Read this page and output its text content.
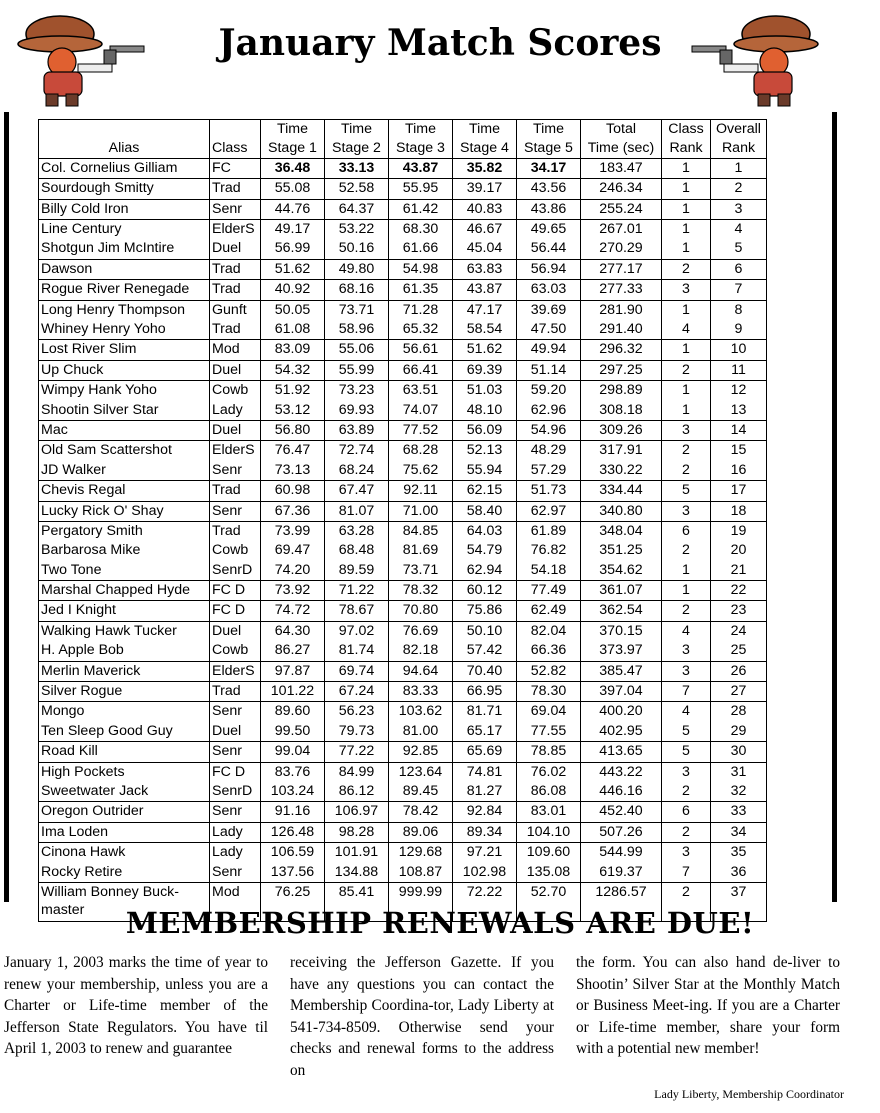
January Match Scores
		Time	Time	Time	Time	Time	Total	Class	Overall
Alias	Class	Stage 1	Stage 2	Stage 3	Stage 4	Stage 5	Time (sec)	Rank	Rank
Col. Cornelius Gilliam	FC	36.48	33.13	43.87	35.82	34.17	183.47	1	1
Sourdough Smitty	Trad	55.08	52.58	55.95	39.17	43.56	246.34	1	2
Billy Cold Iron	Senr	44.76	64.37	61.42	40.83	43.86	255.24	1	3
Line Century	ElderS	49.17	53.22	68.30	46.67	49.65	267.01	1	4
Shotgun Jim McIntire	Duel	56.99	50.16	61.66	45.04	56.44	270.29	1	5
Dawson	Trad	51.62	49.80	54.98	63.83	56.94	277.17	2	6
Rogue River Renegade	Trad	40.92	68.16	61.35	43.87	63.03	277.33	3	7
Long Henry Thompson	Gunft	50.05	73.71	71.28	47.17	39.69	281.90	1	8
Whiney Henry Yoho	Trad	61.08	58.96	65.32	58.54	47.50	291.40	4	9
Lost River Slim	Mod	83.09	55.06	56.61	51.62	49.94	296.32	1	10
Up Chuck	Duel	54.32	55.99	66.41	69.39	51.14	297.25	2	11
Wimpy Hank Yoho	Cowb	51.92	73.23	63.51	51.03	59.20	298.89	1	12
Shootin Silver Star	Lady	53.12	69.93	74.07	48.10	62.96	308.18	1	13
Mac	Duel	56.80	63.89	77.52	56.09	54.96	309.26	3	14
Old Sam Scattershot	ElderS	76.47	72.74	68.28	52.13	48.29	317.91	2	15
JD Walker	Senr	73.13	68.24	75.62	55.94	57.29	330.22	2	16
Chevis Regal	Trad	60.98	67.47	92.11	62.15	51.73	334.44	5	17
Lucky Rick O' Shay	Senr	67.36	81.07	71.00	58.40	62.97	340.80	3	18
Pergatory Smith	Trad	73.99	63.28	84.85	64.03	61.89	348.04	6	19
Barbarosa Mike	Cowb	69.47	68.48	81.69	54.79	76.82	351.25	2	20
Two Tone	SenrD	74.20	89.59	73.71	62.94	54.18	354.62	1	21
Marshal Chapped Hyde	FC D	73.92	71.22	78.32	60.12	77.49	361.07	1	22
Jed I Knight	FC D	74.72	78.67	70.80	75.86	62.49	362.54	2	23
Walking Hawk Tucker	Duel	64.30	97.02	76.69	50.10	82.04	370.15	4	24
H. Apple Bob	Cowb	86.27	81.74	82.18	57.42	66.36	373.97	3	25
Merlin Maverick	ElderS	97.87	69.74	94.64	70.40	52.82	385.47	3	26
Silver Rogue	Trad	101.22	67.24	83.33	66.95	78.30	397.04	7	27
Mongo	Senr	89.60	56.23	103.62	81.71	69.04	400.20	4	28
Ten Sleep Good Guy	Duel	99.50	79.73	81.00	65.17	77.55	402.95	5	29
Road Kill	Senr	99.04	77.22	92.85	65.69	78.85	413.65	5	30
High Pockets	FC D	83.76	84.99	123.64	74.81	76.02	443.22	3	31
Sweetwater Jack	SenrD	103.24	86.12	89.45	81.27	86.08	446.16	2	32
Oregon Outrider	Senr	91.16	106.97	78.42	92.84	83.01	452.40	6	33
Ima Loden	Lady	126.48	98.28	89.06	89.34	104.10	507.26	2	34
Cinona Hawk	Lady	106.59	101.91	129.68	97.21	109.60	544.99	3	35
Rocky Retire	Senr	137.56	134.88	108.87	102.98	135.08	619.37	7	36
William Bonney Buck-master	Mod	76.25	85.41	999.99	72.22	52.70	1286.57	2	37
MEMBERSHIP RENEWALS ARE DUE!
January 1, 2003 marks the time of year to renew your membership, unless you are a Charter or Life-time member of the Jefferson State Regulators. You have til April 1, 2003 to renew and guarantee
receiving the Jefferson Gazette. If you have any questions you can contact the Membership Coordina-tor, Lady Liberty at 541-734-8509. Otherwise send your checks and renewal forms to the address on
the form. You can also hand de-liver to Shootin’ Silver Star at the Monthly Match or Business Meet-ing. If you are a Charter or Life-time member, share your form with a potential new member!
Lady Liberty, Membership Coordinator
